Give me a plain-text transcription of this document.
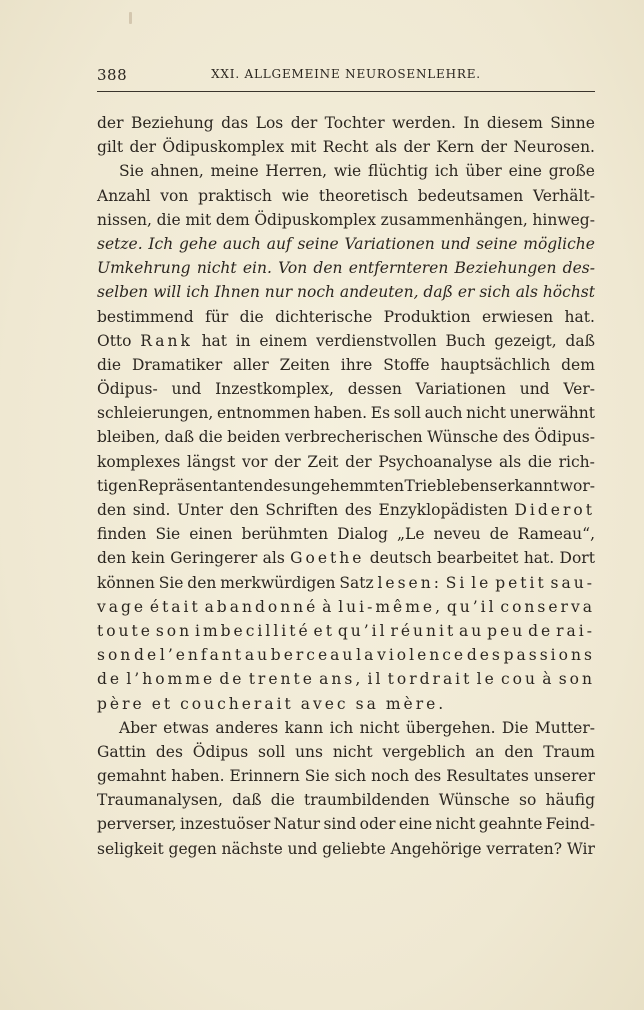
388	XXI. ALLGEMEINE NEUROSENLEHRE.
der Beziehung das Los der Tochter werden. In diesem Sinne
gilt der Ödipuskomplex mit Recht als der Kern der Neurosen.
Sie ahnen, meine Herren, wie flüchtig ich über eine große
Anzahl von praktisch wie theoretisch bedeutsamen Verhält-
nissen, die mit dem Ödipuskomplex zusammenhängen, hinweg-
setze. Ich gehe auch auf seine Variationen und seine mögliche
Umkehrung nicht ein. Von den entfernteren Beziehungen des-
selben will ich Ihnen nur noch andeuten, daß er sich als höchst
bestimmend für die dichterische Produktion erwiesen hat.
Otto Rank hat in einem verdienstvollen Buch gezeigt, daß
die Dramatiker aller Zeiten ihre Stoffe hauptsächlich dem
Ödipus- und Inzestkomplex, dessen Variationen und Ver-
schleierungen, entnommen haben. Es soll auch nicht unerwähnt
bleiben, daß die beiden verbrecherischen Wünsche des Ödipus-
komplexes längst vor der Zeit der Psychoanalyse als die rich-
tigen Repräsentanten des ungehemmten Trieblebens erkannt wor-
den sind. Unter den Schriften des Enzyklopädisten Diderot
finden Sie einen berühmten Dialog „Le neveu de Rameau“,
den kein Geringerer als Goethe deutsch bearbeitet hat. Dort
können Sie den merkwürdigen Satz lesen: Si le petit sau-
vage était abandonné à lui-même, qu’il conserva
toute son imbecillité et qu’il réunit au peu de rai-
son de l’enfant au berceau la violence des passions
de l’homme de trente ans, il tordrait le cou à son
père et coucherait avec sa mère.
Aber etwas anderes kann ich nicht übergehen. Die Mutter-
Gattin des Ödipus soll uns nicht vergeblich an den Traum
gemahnt haben. Erinnern Sie sich noch des Resultates unserer
Traumanalysen, daß die traumbildenden Wünsche so häufig
perverser, inzestuöser Natur sind oder eine nicht geahnte Feind-
seligkeit gegen nächste und geliebte Angehörige verraten? Wir
